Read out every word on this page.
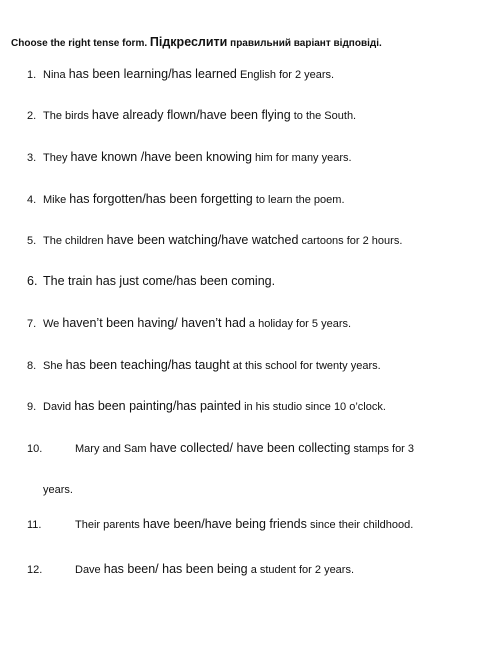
Choose the right tense form. Підкреслити правильний варіант відповіді.
1. Nina has been learning/has learned English for 2 years.
2. The birds have already flown/have been flying to the South.
3. They have known /have been knowing him for many years.
4. Mike has forgotten/has been forgetting to learn the poem.
5. The children have been watching/have watched cartoons for 2 hours.
6. The train has just come/has been coming.
7. We haven’t been having/ haven’t had a holiday for 5 years.
8. She has been teaching/has taught at this school for twenty years.
9. David has been painting/has painted in his studio since 10 o’clock.
10.	Mary and Sam have collected/ have been collecting stamps for 3
years.
11.	Their parents have been/have being friends since their childhood.
12.	Dave has been/ has been being a student for 2 years.
